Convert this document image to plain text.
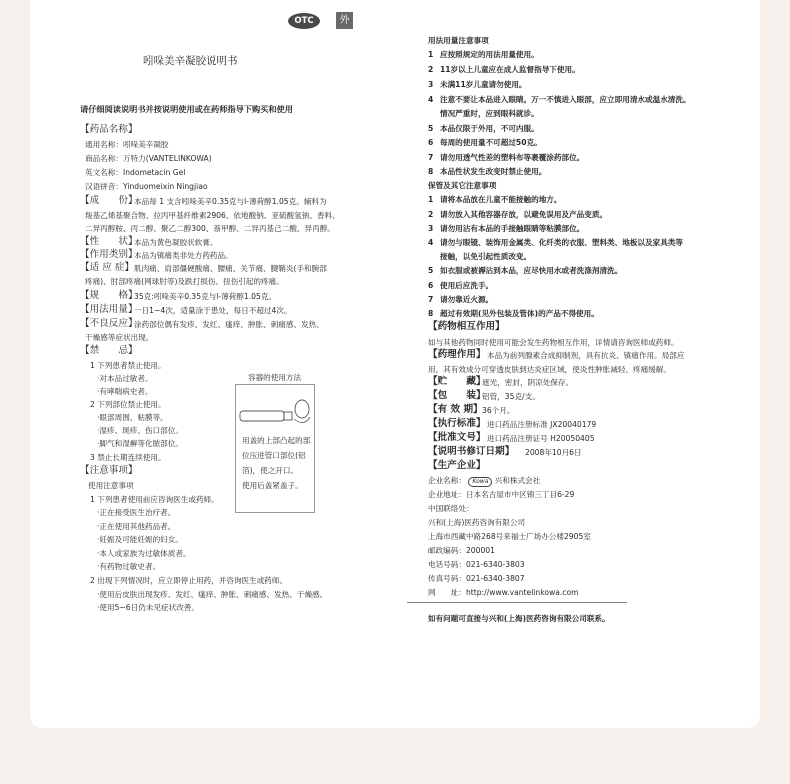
OTC	外
吲哚美辛凝胶说明书
请仔细阅读说明书并按说明使用或在药师指导下购买和使用
【药品名称】
通用名称：吲哚美辛凝胶
商品名称：万特力(VANTELINKOWA)
英文名称：Indometacin Gel
汉语拼音：Yinduomeixin Ningjiao
【成　　份】
本品每 1 支含吲哚美辛0.35克与l-薄荷醇1.05克。辅料为
羧基乙烯基聚合物、拉丙甲基纤维素2906、依地酸钠、亚硫酸氢钠、香料、
二异丙醇胺、丙二醇、聚乙二醇300、萘甲醇、二异丙基己二酸、异丙醇。
【性　　状】
本品为黄色凝胶状软膏。
【作用类别】
本品为镇痛类非处方药药品。
【适 应 症】 肌肉痛、肩部僵硬酸痛、腰痛、关节痛、腱鞘炎(手和腕部
疼痛)、肘部疼痛(网球肘等)及跌打损伤、扭伤引起的疼痛。
【规　　格】
35克:吲哚美辛0.35克与l-薄荷醇1.05克。
【用法用量】
一日1~4次，适量涂于患处，每日不超过4次。
【不良反应】
涂药部位偶有发疹、发红、瘙痒、肿胀、刺痛感、发热、
干燥感等症状出现。
【禁　　忌】
1 下列患者禁止使用。
·对本品过敏者。
·有哮喘病史者。
2 下列部位禁止使用。
·眼部周围、粘膜等。
·湿疹、斑疹、伤口部位。
·脚气和湿癣等化脓部位。
3 禁止长期连续使用。
容器的使用方法
用盖的上部凸起的部
位压进管口部位(铝
箔)，使之开口。
使用后盖紧盖子。
【注意事项】
使用注意事项
1 下列患者使用前应咨询医生或药师。
·正在接受医生治疗者。
·正在使用其他药品者。
·妊娠及可能妊娠的妇女。
·本人或家族为过敏体质者。
·有药物过敏史者。
2 出现下列情况时，应立即停止用药，并咨询医生或药师。
·使用后皮肤出现发疹、发红、瘙痒、肿胀、刺痛感、发热、干燥感。
·使用5~6日仍未见症状改善。
用法用量注意事项
1 应按照规定的用法用量使用。
2 11岁以上儿童应在成人监督指导下使用。
3 未满11岁儿童请勿使用。
4 注意不要让本品进入眼睛。万一不慎进入眼部，应立即用清水或温水清洗。
情况严重时，应到眼科就诊。
5 本品仅限于外用，不可内服。
6 每周的使用量不可超过50克。
7 请勿用透气性差的塑料布等裹覆涂药部位。
8 本品性状发生改变时禁止使用。
保管及其它注意事项
1 请将本品放在儿童不能接触的地方。
2 请勿放入其他容器存放，以避免误用及产品变质。
3 请勿用沾有本品的手接触眼睛等粘膜部位。
4 请勿与眼镜、装饰用金属类、化纤类的衣服、塑料类、地板以及家具类等
接触，以免引起性质改变。
5 如衣服或被褥沾到本品，应尽快用水或者洗涤剂清洗。
6 使用后应洗手。
7 请勿靠近火源。
8 超过有效期(见外包装及管体)的产品不得使用。
【药物相互作用】
如与其他药物同时使用可能会发生药物相互作用，详情请咨询医师或药师。
【药理作用】 本品为前列腺素合成抑制剂，具有抗炎、镇痛作用。局部应
用，其有效成分可穿透皮肤到达炎症区域，使炎性肿胀减轻、疼痛缓解。
【贮　　藏】
遮光，密封，阴凉处保存。
【包　　装】
铝管，35克/支。
【有 效 期】 36个月。
【执行标准】 进口药品注册标准 JX20040179
【批准文号】 进口药品注册证号 H20050405
【说明书修订日期】 2008年10月6日
【生产企业】
企业名称： Kowa 兴和株式会社
企业地址：日本名古屋市中区锦三丁目6-29
中国联络处：
兴和(上海)医药咨询有限公司
上海市西藏中路268号来福士广场办公楼2905室
邮政编码：200001
电话号码：021-6340-3803
传真号码：021-6340-3807
网　　址：http://www.vantelinkowa.com
如有问题可直接与兴和(上海)医药咨询有限公司联系。
